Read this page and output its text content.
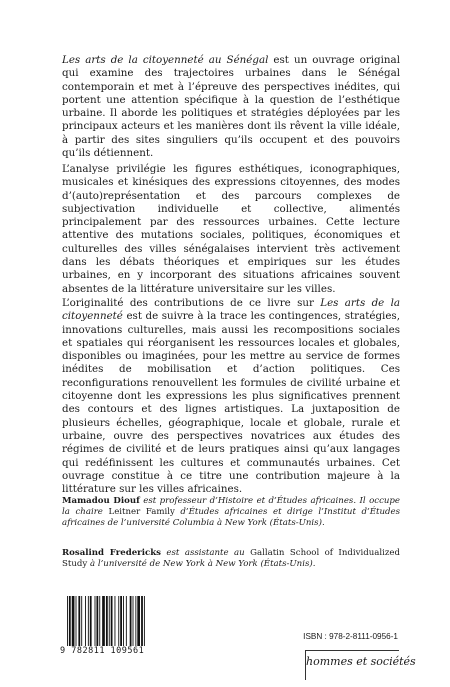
Les arts de la citoyenneté au Sénégal est un ouvrage original qui examine des trajectoires urbaines dans le Sénégal contemporain et met à l’épreuve des perspectives inédites, qui portent une attention spécifique à la question de l’esthétique urbaine. Il aborde les politiques et stratégies déployées par les principaux acteurs et les manières dont ils rêvent la ville idéale, à partir des sites singuliers qu’ils occupent et des pouvoirs qu’ils détiennent.
L’analyse privilégie les figures esthétiques, iconographiques, musicales et kinésiques des expressions citoyennes, des modes d’(auto)représentation et des parcours complexes de subjectivation individuelle et collective, alimentés principalement par des ressources urbaines. Cette lecture attentive des mutations sociales, politiques, économiques et culturelles des villes sénégalaises intervient très activement dans les débats théoriques et empiriques sur les études urbaines, en y incorporant des situations africaines souvent absentes de la littérature universitaire sur les villes.
L’originalité des contributions de ce livre sur Les arts de la citoyenneté est de suivre à la trace les contingences, stratégies, innovations culturelles, mais aussi les recompositions sociales et spatiales qui réorganisent les ressources locales et globales, disponibles ou imaginées, pour les mettre au service de formes inédites de mobilisation et d’action politiques. Ces reconfigurations renouvellent les formules de civilité urbaine et citoyenne dont les expressions les plus significatives prennent des contours et des lignes artistiques. La juxtaposition de plusieurs échelles, géographique, locale et globale, rurale et urbaine, ouvre des perspectives novatrices aux études des régimes de civilité et de leurs pratiques ainsi qu’aux langages qui redéfinissent les cultures et communautés urbaines. Cet ouvrage constitue à ce titre une contribution majeure à la littérature sur les villes africaines.
Mamadou Diouf est professeur d’Histoire et d’Études africaines. Il occupe la chaire Leitner Family d’Études africaines et dirige l’Institut d’Études africaines de l’université Columbia à New York (États-Unis).
Rosalind Fredericks est assistante au Gallatin School of Individualized Study à l’université de New York à New York (États-Unis).
9 782811 109561
ISBN : 978-2-8111-0956-1
hommes et sociétés
